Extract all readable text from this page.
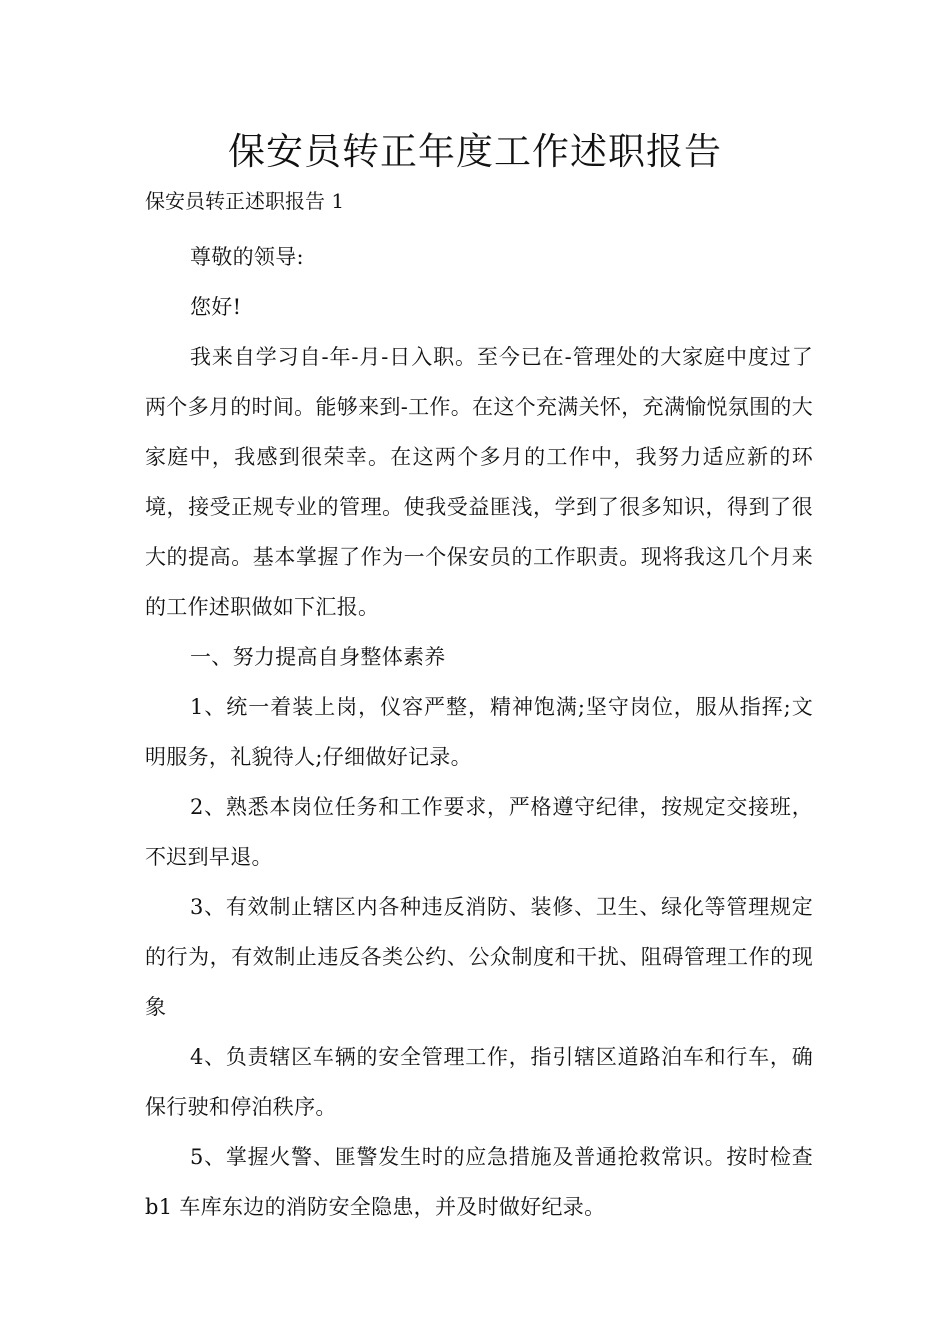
保安员转正年度工作述职报告

保安员转正述职报告 1

尊敬的领导:

您好!

我来自学习自-年-月-日入职。至今已在-管理处的大家庭中度过了两个多月的时间。能够来到-工作。在这个充满关怀，充满愉悦氛围的大家庭中，我感到很荣幸。在这两个多月的工作中，我努力适应新的环境，接受正规专业的管理。使我受益匪浅，学到了很多知识，得到了很大的提高。基本掌握了作为一个保安员的工作职责。现将我这几个月来的工作述职做如下汇报。

一、努力提高自身整体素养

1、统一着装上岗，仪容严整，精神饱满;坚守岗位，服从指挥;文明服务，礼貌待人;仔细做好记录。

2、熟悉本岗位任务和工作要求，严格遵守纪律，按规定交接班，不迟到早退。

3、有效制止辖区内各种违反消防、装修、卫生、绿化等管理规定的行为，有效制止违反各类公约、公众制度和干扰、阻碍管理工作的现象

4、负责辖区车辆的安全管理工作，指引辖区道路泊车和行车，确保行驶和停泊秩序。

5、掌握火警、匪警发生时的应急措施及普通抢救常识。按时检查 b1 车库东边的消防安全隐患，并及时做好纪录。
